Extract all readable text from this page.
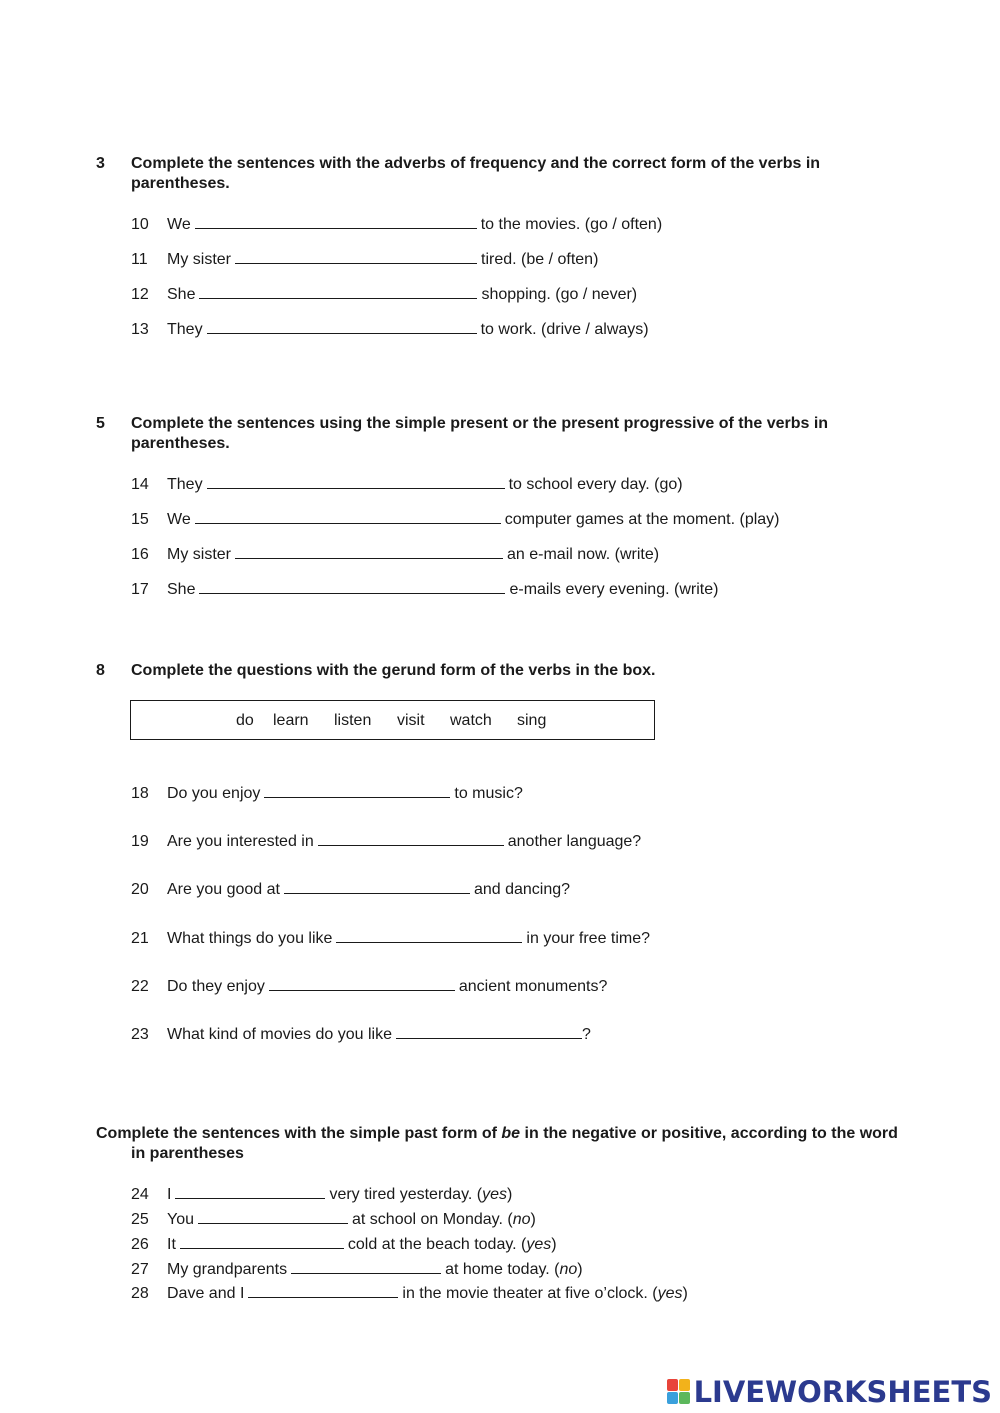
3 Complete the sentences with the adverbs of frequency and the correct form of the verbs in parentheses.
10 We	to the movies. (go / often)
11 My sister	tired. (be / often)
12 She	shopping. (go / never)
13 They	to work. (drive / always)
5 Complete the sentences using the simple present or the present progressive of the verbs in parentheses.
14 They	to school every day. (go)
15 We	computer games at the moment. (play)
16 My sister	an e-mail now. (write)
17 She	e-mails every evening. (write)
8 Complete the questions with the gerund form of the verbs in the box.
do learn listen visit watch sing
18 Do you enjoy	to music?
19 Are you interested in	another language?
20 Are you good at	and dancing?
21 What things do you like	in your free time?
22 Do they enjoy	ancient monuments?
23 What kind of movies do you like	?
Complete the sentences with the simple past form of be in the negative or positive, according to the word in parentheses
24 I	very tired yesterday. (yes)
25 You	at school on Monday. (no)
26 It	cold at the beach today. (yes)
27 My grandparents	at home today. (no)
28 Dave and I	in the movie theater at five o’clock. (yes)
LIVEWORKSHEETS
